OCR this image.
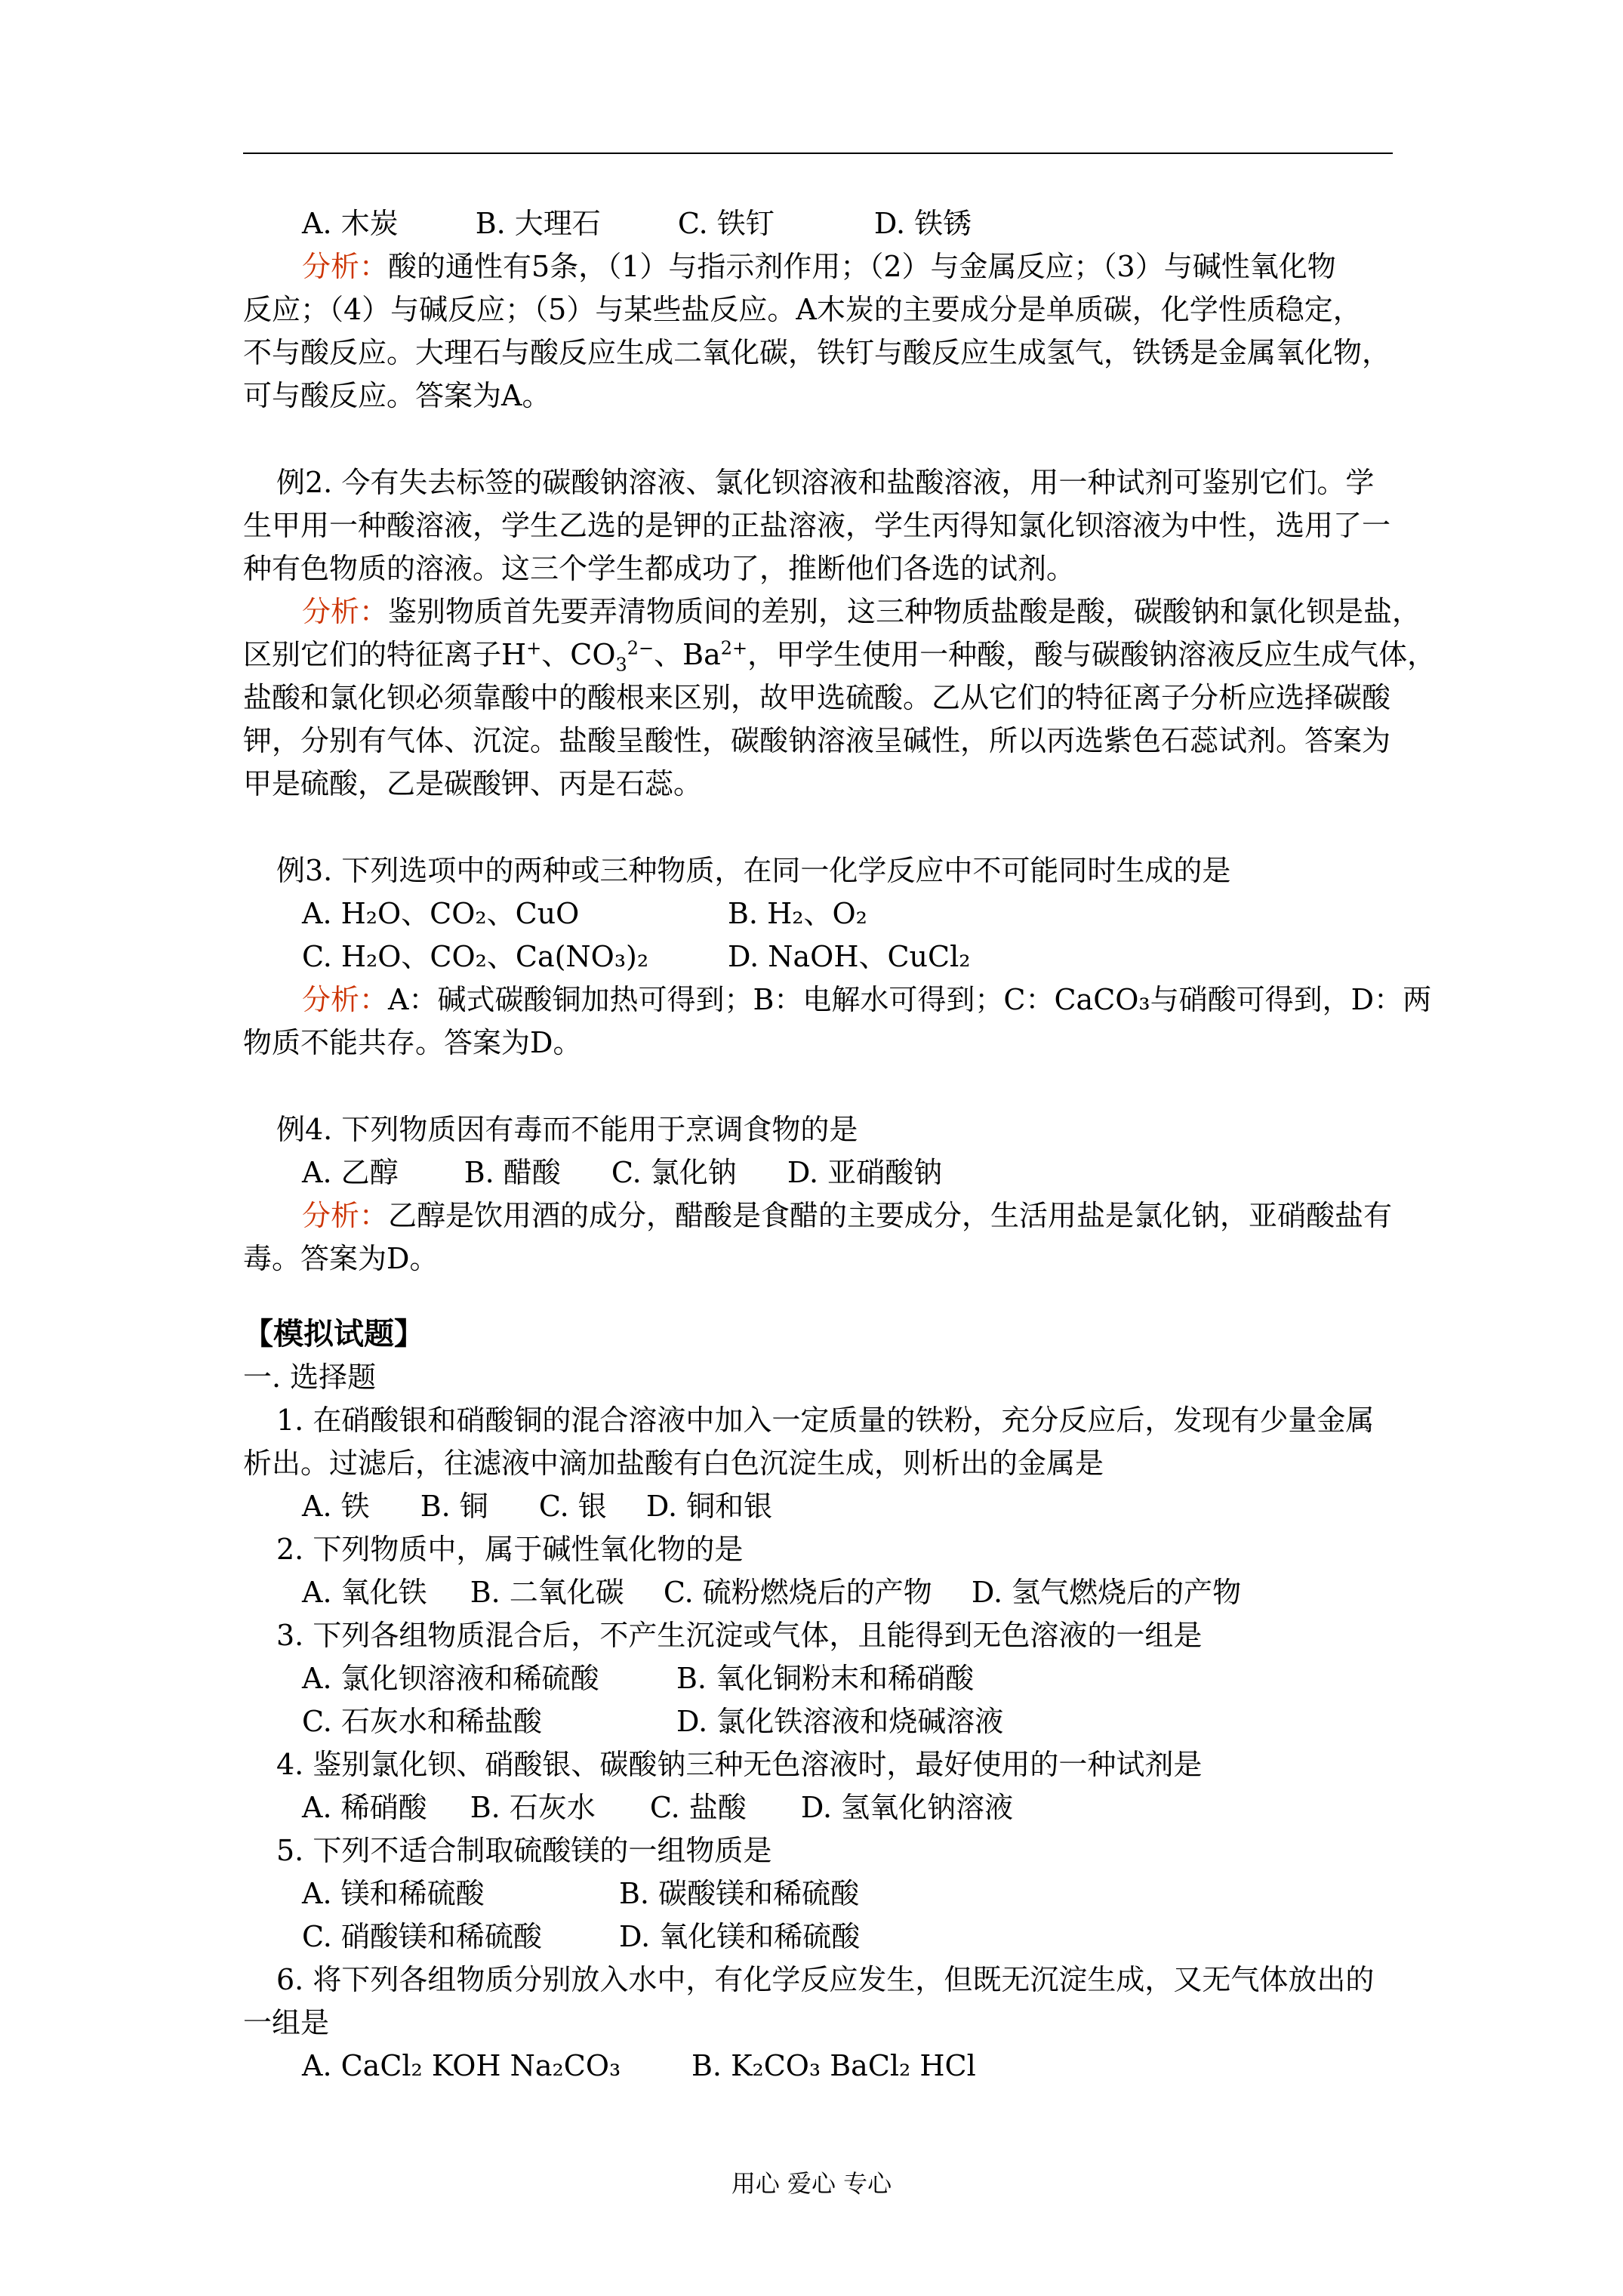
A. 木炭	B. 大理石	C. 铁钉	D. 铁锈
分析：酸的通性有5条，（1）与指示剂作用；（2）与金属反应；（3）与碱性氧化物
反应；（4）与碱反应；（5）与某些盐反应。A木炭的主要成分是单质碳，化学性质稳定，
不与酸反应。大理石与酸反应生成二氧化碳，铁钉与酸反应生成氢气，铁锈是金属氧化物，
可与酸反应。答案为A。
例2. 今有失去标签的碳酸钠溶液、氯化钡溶液和盐酸溶液，用一种试剂可鉴别它们。学
生甲用一种酸溶液，学生乙选的是钾的正盐溶液，学生丙得知氯化钡溶液为中性，选用了一
种有色物质的溶液。这三个学生都成功了，推断他们各选的试剂。
分析：鉴别物质首先要弄清物质间的差别，这三种物质盐酸是酸，碳酸钠和氯化钡是盐，
区别它们的特征离子H+、$CO_3^{2-}$、$Ba^{2+}$，甲学生使用一种酸，酸与碳酸钠溶液反应生成气体，
盐酸和氯化钡必须靠酸中的酸根来区别，故甲选硫酸。乙从它们的特征离子分析应选择碳酸
钾，分别有气体、沉淀。盐酸呈酸性，碳酸钠溶液呈碱性，所以丙选紫色石蕊试剂。答案为
甲是硫酸，乙是碳酸钾、丙是石蕊。
例3. 下列选项中的两种或三种物质，在同一化学反应中不可能同时生成的是
A. H₂O、CO₂、CuO	B. H₂、O₂
C. H₂O、CO₂、Ca(NO₃)₂	D. NaOH、CuCl₂
分析：A：碱式碳酸铜加热可得到；B：电解水可得到；C：CaCO₃与硝酸可得到，D：两
物质不能共存。答案为D。
例4. 下列物质因有毒而不能用于烹调食物的是
A. 乙醇 B. 醋酸 C. 氯化钠 D. 亚硝酸钠
分析：乙醇是饮用酒的成分，醋酸是食醋的主要成分，生活用盐是氯化钠，亚硝酸盐有
毒。答案为D。
【模拟试题】
一. 选择题
1. 在硝酸银和硝酸铜的混合溶液中加入一定质量的铁粉，充分反应后，发现有少量金属
析出。过滤后，往滤液中滴加盐酸有白色沉淀生成，则析出的金属是
A. 铁 B. 铜 C. 银 D. 铜和银
2. 下列物质中，属于碱性氧化物的是
A. 氧化铁 B. 二氧化碳 C. 硫粉燃烧后的产物 D. 氢气燃烧后的产物
3. 下列各组物质混合后，不产生沉淀或气体，且能得到无色溶液的一组是
A. 氯化钡溶液和稀硫酸	B. 氧化铜粉末和稀硝酸
C. 石灰水和稀盐酸	D. 氯化铁溶液和烧碱溶液
4. 鉴别氯化钡、硝酸银、碳酸钠三种无色溶液时，最好使用的一种试剂是
A. 稀硝酸 B. 石灰水 C. 盐酸 D. 氢氧化钠溶液
5. 下列不适合制取硫酸镁的一组物质是
A. 镁和稀硫酸	B. 碳酸镁和稀硫酸
C. 硝酸镁和稀硫酸	D. 氧化镁和稀硫酸
6. 将下列各组物质分别放入水中，有化学反应发生，但既无沉淀生成，又无气体放出的
一组是
A. CaCl₂ KOH Na₂CO₃ B. K₂CO₃ BaCl₂ HCl
用心 爱心 专心
